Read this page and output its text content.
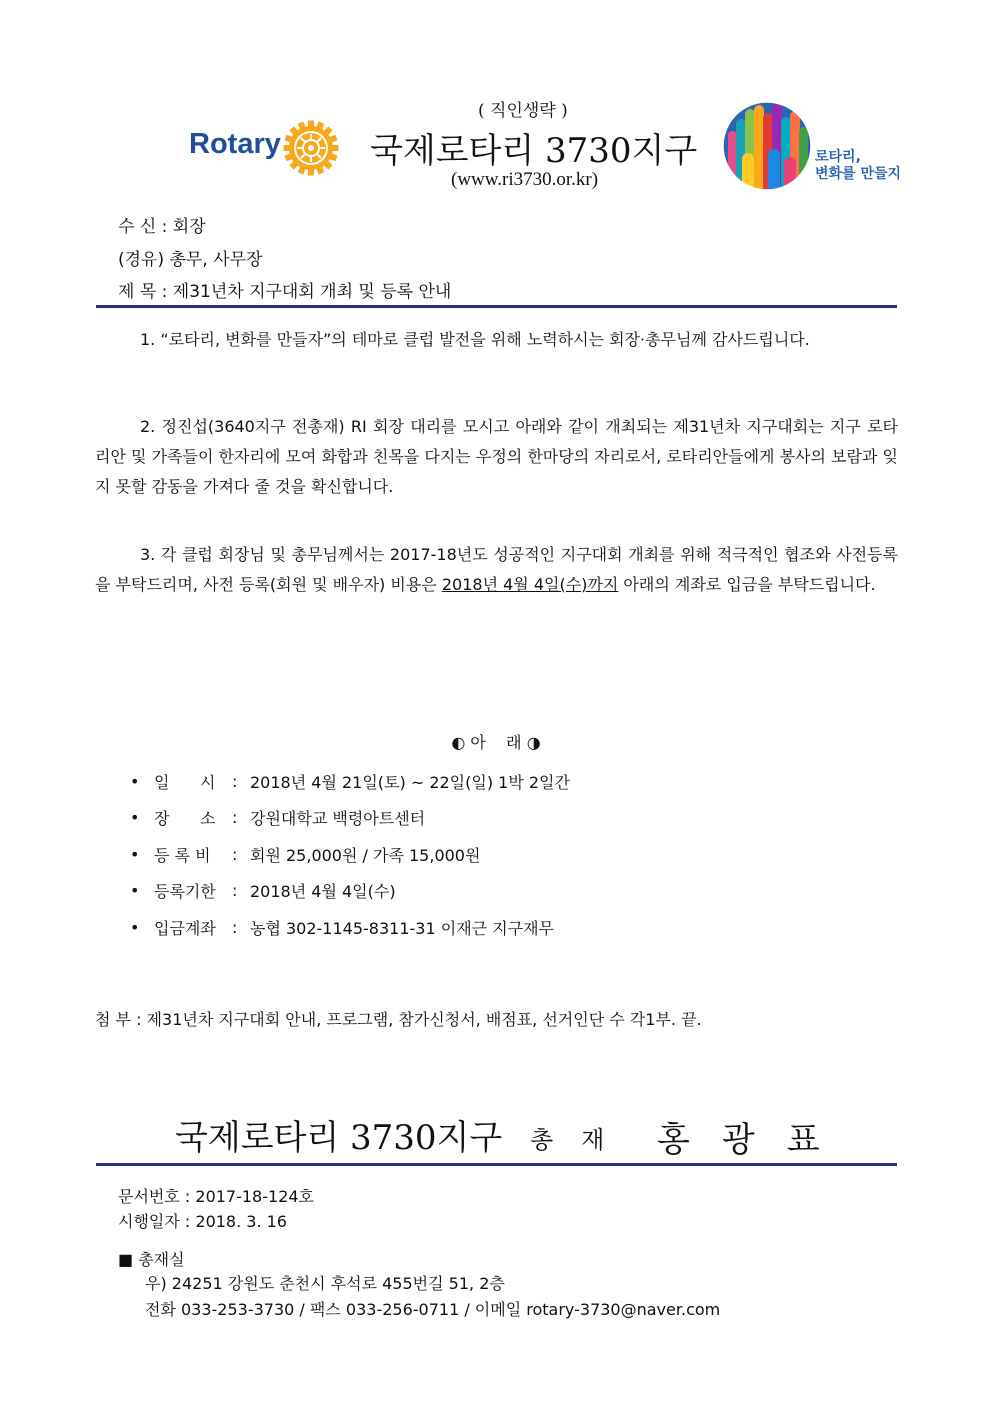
Rotary
( 직인생략 )
국제로타리 3730지구
(www.ri3730.or.kr)
로타리,
변화를 만들지
수 신 : 회장
(경유) 총무, 사무장
제 목 : 제31년차 지구대회 개최 및 등록 안내
1. “로타리, 변화를 만들자”의 테마로 클럽 발전을 위해 노력하시는 회장·총무님께 감사드립니다.
2. 정진섭(3640지구 전총재) RI 회장 대리를 모시고 아래와 같이 개최되는 제31년차 지구대회는 지구 로타리안 및 가족들이 한자리에 모여 화합과 친목을 다지는 우정의 한마당의 자리로서, 로타리안들에게 봉사의 보람과 잊지 못할 감동을 가져다 줄 것을 확신합니다.
3. 각 클럽 회장님 및 총무님께서는 2017-18년도 성공적인 지구대회 개최를 위해 적극적인 협조와 사전등록을 부탁드리며, 사전 등록(회원 및 배우자) 비용은 2018년 4월 4일(수)까지 아래의 계좌로 입금을 부탁드립니다.
◐ 아    래 ◑
• 일      시	: 2018년 4월 21일(토) ~ 22일(일) 1박 2일간
• 장      소	: 강원대학교 백령아트센터
• 등 록 비	: 회원 25,000원 / 가족 15,000원
• 등록기한	: 2018년 4월 4일(수)
• 입금계좌	: 농협 302-1145-8311-31 이재근 지구재무
첨 부 : 제31년차 지구대회 안내, 프로그램, 참가신청서, 배점표, 선거인단 수 각1부. 끝.
국제로타리 3730지구 총재 홍광표
문서번호 : 2017-18-124호
시행일자 : 2018. 3. 16
■ 총재실
우) 24251 강원도 춘천시 후석로 455번길 51, 2층
전화 033-253-3730 / 팩스 033-256-0711 / 이메일 rotary-3730@naver.com
